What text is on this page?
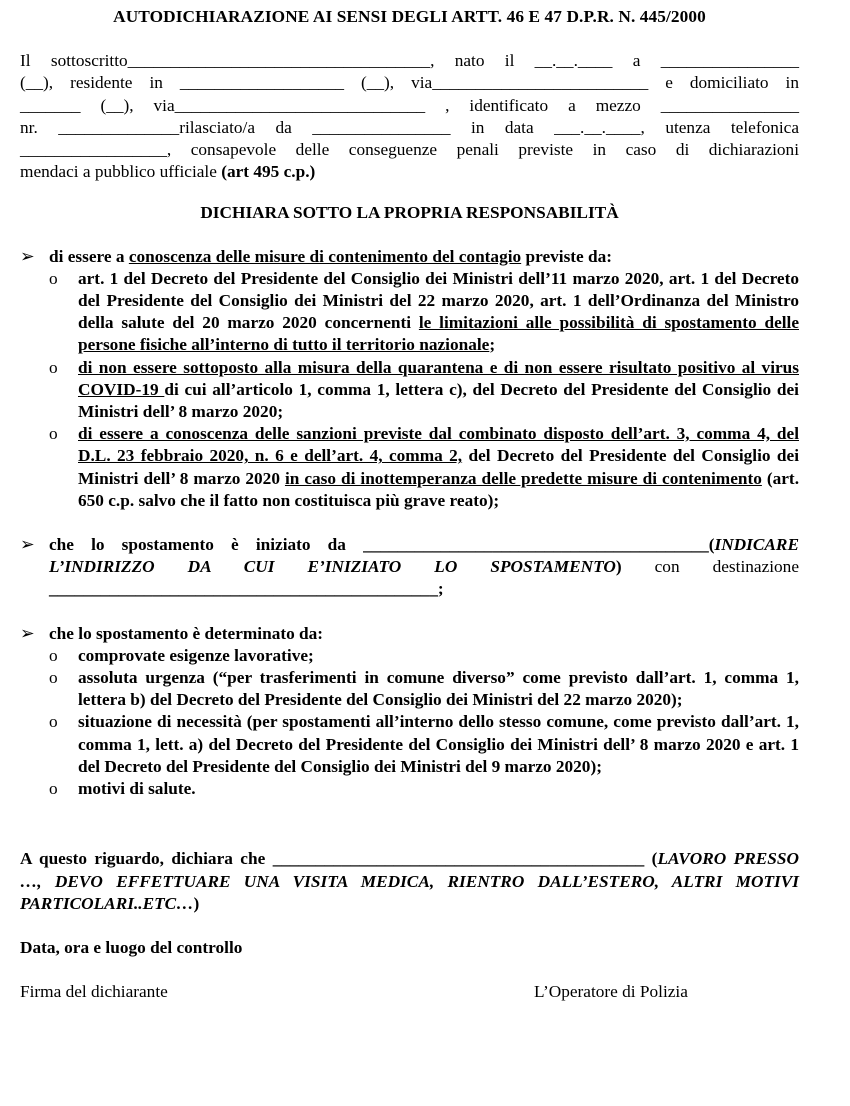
AUTODICHIARAZIONE AI SENSI DEGLI ARTT. 46 E 47 D.P.R. N. 445/2000
Il sottoscritto___________________________________, nato il __.__.____ a ________________
(__), residente in ___________________ (__), via_________________________ e domiciliato in
_______ (__), via_____________________________ , identificato a mezzo ________________
nr. ______________rilasciato/a da ________________ in data ___.__.____, utenza telefonica
_________________, consapevole delle conseguenze penali previste in caso di dichiarazioni
mendaci a pubblico ufficiale (art 495 c.p.)
DICHIARA SOTTO LA PROPRIA RESPONSABILITÀ
➢ di essere a conoscenza delle misure di contenimento del contagio previste da:
o art. 1 del Decreto del Presidente del Consiglio dei Ministri dell’11 marzo 2020, art. 1 del Decreto del Presidente del Consiglio dei Ministri del 22 marzo 2020, art. 1 dell’Ordinanza del Ministro della salute del 20 marzo 2020 concernenti le limitazioni alle possibilità di spostamento delle persone fisiche all’interno di tutto il territorio nazionale;
o di non essere sottoposto alla misura della quarantena e di non essere risultato positivo al virus COVID-19 di cui all’articolo 1, comma 1, lettera c), del Decreto del Presidente del Consiglio dei Ministri dell’ 8 marzo 2020;
o di essere a conoscenza delle sanzioni previste dal combinato disposto dell’art. 3, comma 4, del D.L. 23 febbraio 2020, n. 6 e dell’art. 4, comma 2, del Decreto del Presidente del Consiglio dei Ministri dell’ 8 marzo 2020 in caso di inottemperanza delle predette misure di contenimento (art. 650 c.p. salvo che il fatto non costituisca più grave reato);
➢ che lo spostamento è iniziato da ________________________________________(INDICARE L’INDIRIZZO DA CUI E’INIZIATO LO SPOSTAMENTO) con destinazione
_____________________________________________;
➢ che lo spostamento è determinato da:
o comprovate esigenze lavorative;
o assoluta urgenza (“per trasferimenti in comune diverso” come previsto dall’art. 1, comma 1, lettera b) del Decreto del Presidente del Consiglio dei Ministri del 22 marzo 2020);
o situazione di necessità (per spostamenti all’interno dello stesso comune, come previsto dall’art. 1, comma 1, lett. a) del Decreto del Presidente del Consiglio dei Ministri dell’ 8 marzo 2020 e art. 1 del Decreto del Presidente del Consiglio dei Ministri del 9 marzo 2020);
o motivi di salute.
A questo riguardo, dichiara che ___________________________________________ (LAVORO PRESSO …, DEVO EFFETTUARE UNA VISITA MEDICA, RIENTRO DALL’ESTERO, ALTRI MOTIVI PARTICOLARI..ETC…)
Data, ora e luogo del controllo
Firma del dichiarante	L’Operatore di Polizia
